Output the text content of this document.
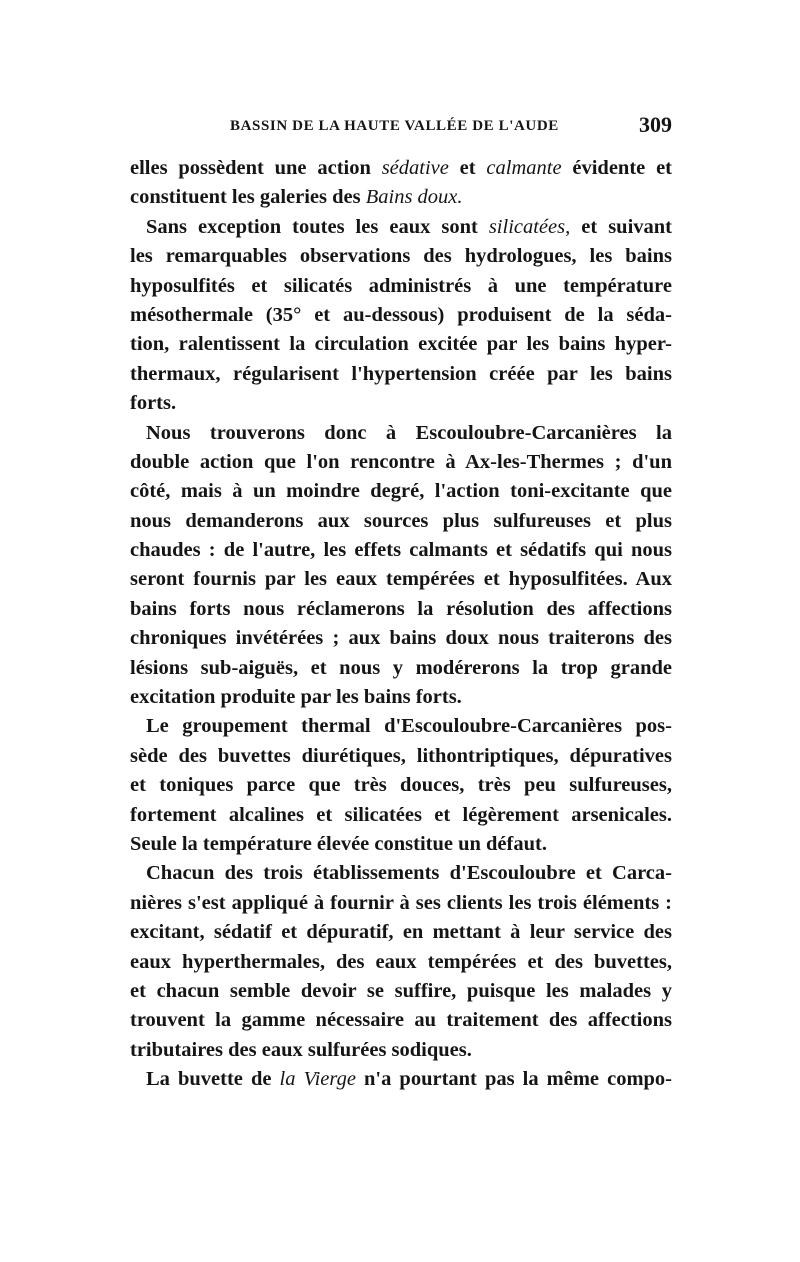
BASSIN DE LA HAUTE VALLÉE DE L'AUDE	309
elles possèdent une action sédative et calmante évidente et
constituent les galeries des Bains doux.
Sans exception toutes les eaux sont silicatées, et suivant
les remarquables observations des hydrologues, les bains
hyposulfités et silicatés administrés à une température
mésothermale (35° et au-dessous) produisent de la séda-
tion, ralentissent la circulation excitée par les bains hyper-
thermaux, régularisent l'hypertension créée par les bains
forts.
Nous trouverons donc à Escouloubre-Carcanières la
double action que l'on rencontre à Ax-les-Thermes ; d'un
côté, mais à un moindre degré, l'action toni-excitante que
nous demanderons aux sources plus sulfureuses et plus
chaudes : de l'autre, les effets calmants et sédatifs qui nous
seront fournis par les eaux tempérées et hyposulfitées. Aux
bains forts nous réclamerons la résolution des affections
chroniques invétérées ; aux bains doux nous traiterons des
lésions sub-aiguës, et nous y modérerons la trop grande
excitation produite par les bains forts.
Le groupement thermal d'Escouloubre-Carcanières pos-
sède des buvettes diurétiques, lithontriptiques, dépuratives
et toniques parce que très douces, très peu sulfureuses,
fortement alcalines et silicatées et légèrement arsenicales.
Seule la température élevée constitue un défaut.
Chacun des trois établissements d'Escouloubre et Carca-
nières s'est appliqué à fournir à ses clients les trois éléments :
excitant, sédatif et dépuratif, en mettant à leur service des
eaux hyperthermales, des eaux tempérées et des buvettes,
et chacun semble devoir se suffire, puisque les malades y
trouvent la gamme nécessaire au traitement des affections
tributaires des eaux sulfurées sodiques.
La buvette de la Vierge n'a pourtant pas la même compo-
